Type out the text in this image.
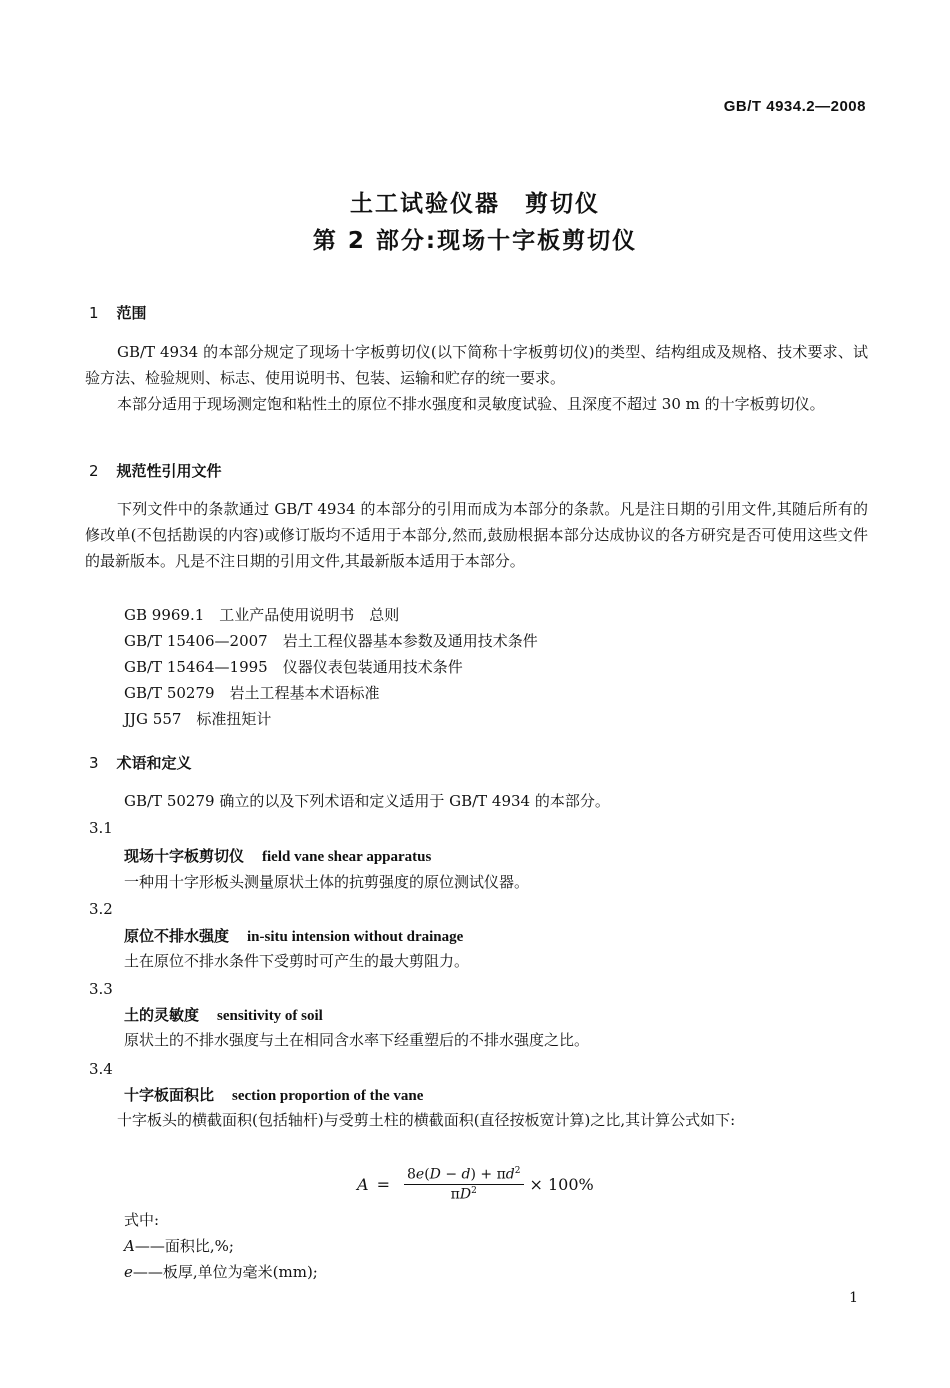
GB/T 4934.2—2008
土工试验仪器　剪切仪
第 2 部分:现场十字板剪切仪
1 范围
GB/T 4934 的本部分规定了现场十字板剪切仪(以下简称十字板剪切仪)的类型、结构组成及规格、技术要求、试验方法、检验规则、标志、使用说明书、包装、运输和贮存的统一要求。
本部分适用于现场测定饱和粘性土的原位不排水强度和灵敏度试验、且深度不超过 30 m 的十字板剪切仪。
2 规范性引用文件
下列文件中的条款通过 GB/T 4934 的本部分的引用而成为本部分的条款。凡是注日期的引用文件,其随后所有的修改单(不包括勘误的内容)或修订版均不适用于本部分,然而,鼓励根据本部分达成协议的各方研究是否可使用这些文件的最新版本。凡是不注日期的引用文件,其最新版本适用于本部分。
GB 9969.1　工业产品使用说明书　总则
GB/T 15406—2007　岩土工程仪器基本参数及通用技术条件
GB/T 15464—1995　仪器仪表包装通用技术条件
GB/T 50279　岩土工程基本术语标准
JJG 557　标准扭矩计
3 术语和定义
GB/T 50279 确立的以及下列术语和定义适用于 GB/T 4934 的本部分。
3.1
现场十字板剪切仪 field vane shear apparatus
一种用十字形板头测量原状土体的抗剪强度的原位测试仪器。
3.2
原位不排水强度 in-situ intension without drainage
土在原位不排水条件下受剪时可产生的最大剪阻力。
3.3
土的灵敏度 sensitivity of soil
原状土的不排水强度与土在相同含水率下经重塑后的不排水强度之比。
3.4
十字板面积比 section proportion of the vane
十字板头的横截面积(包括轴杆)与受剪土柱的横截面积(直径按板宽计算)之比,其计算公式如下:
$A = \frac{8e(D - d) + \pi d^2}{\pi D^2} \times 100\%$
式中:
A——面积比,%;
e——板厚,单位为毫米(mm);
1
